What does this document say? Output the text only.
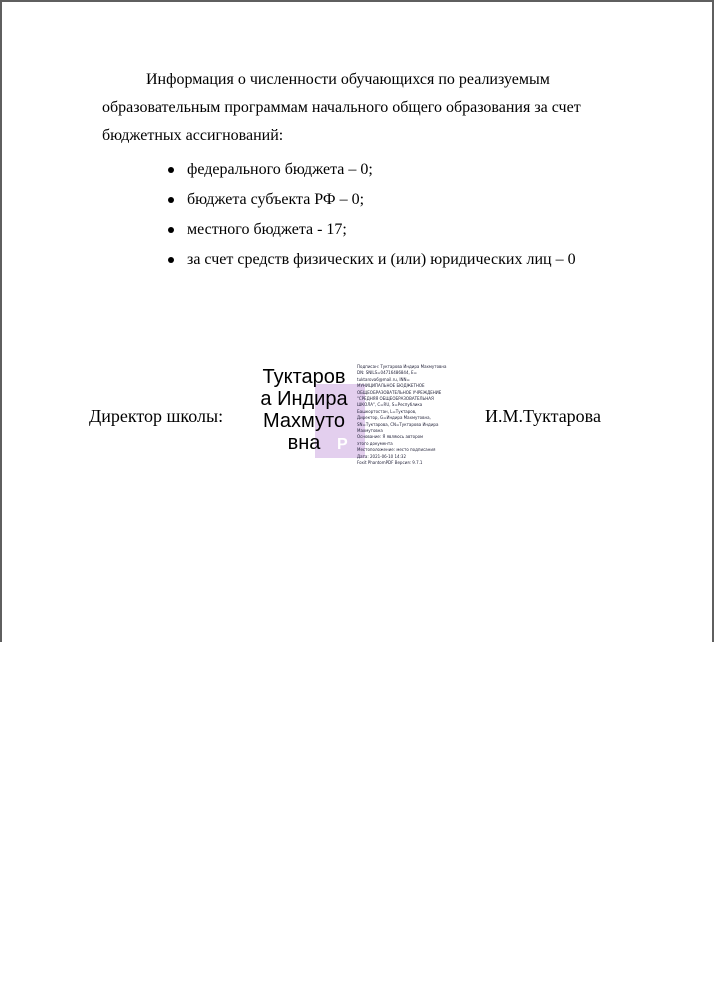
Информация о численности обучающихся по реализуемым образовательным программам начального общего образования за счет бюджетных ассигнований:

федерального бюджета – 0;
бюджета субъекта РФ – 0;
местного бюджета - 17;
за счет средств физических и (или) юридических лиц – 0
Директор школы:
P
Туктаров
а Индира
Махмуто
вна
Подписан: Туктарова Индира Махмутовна
DN: SNILS=04716486844, E=
tuktarova6@mail.ru, INN=
МУНИЦИПАЛЬНОЕ БЮДЖЕТНОЕ
ОБЩЕОБРАЗОВАТЕЛЬНОЕ УЧРЕЖДЕНИЕ
"СРЕДНЯЯ ОБЩЕОБРАЗОВАТЕЛЬНАЯ
ШКОЛА", C=RU, S=Республика
Башкортостан, L=Туктаров,
Директор, G=Индира Махмутовна,
SN=Туктарова, CN=Туктарова Индира
Махмутовна
Основание: Я являюсь автором
этого документа
Местоположение: место подписания
Дата: 2021-06-10 14:32
Foxit PhantomPDF Версия: 9.7.1
И.М.Туктарова
